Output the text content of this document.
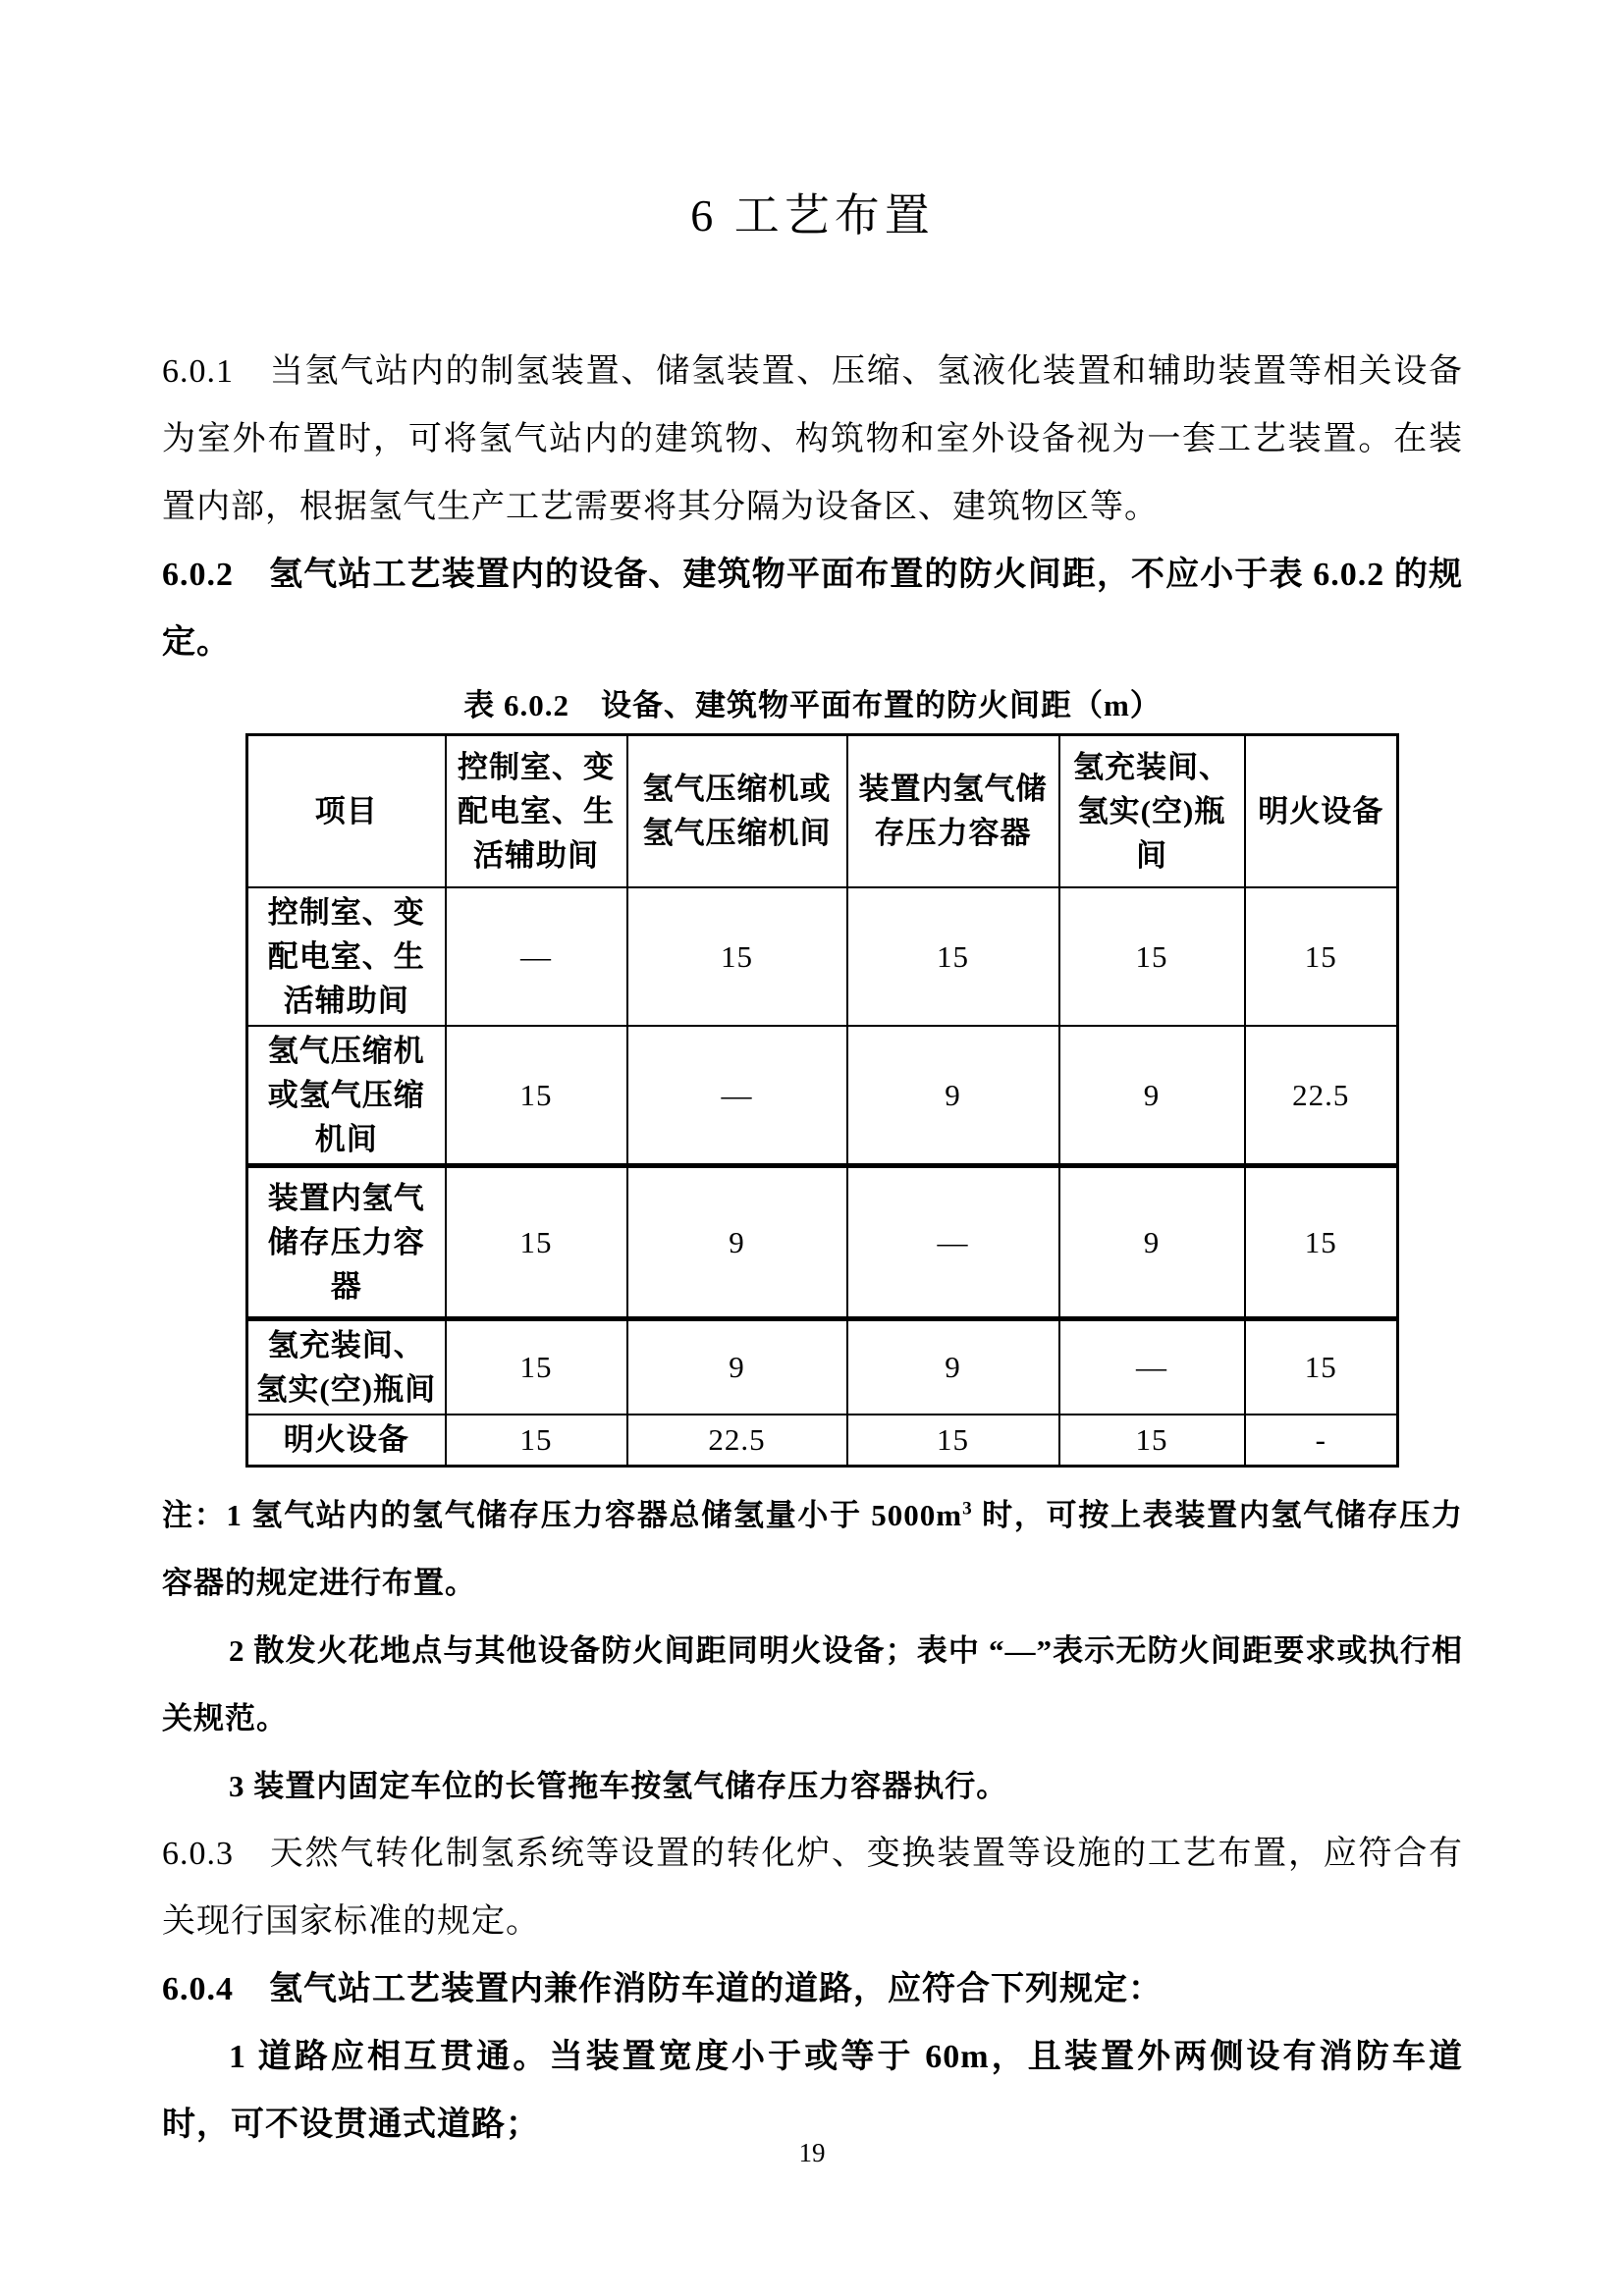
6 工艺布置

6.0.1 当氢气站内的制氢装置、储氢装置、压缩、氢液化装置和辅助装置等相关设备为室外布置时，可将氢气站内的建筑物、构筑物和室外设备视为一套工艺装置。在装置内部，根据氢气生产工艺需要将其分隔为设备区、建筑物区等。

6.0.2 氢气站工艺装置内的设备、建筑物平面布置的防火间距，不应小于表 6.0.2 的规定。

表 6.0.2　设备、建筑物平面布置的防火间距（m）

项目	控制室、变配电室、生活辅助间	氢气压缩机或氢气压缩机间	装置内氢气储存压力容器	氢充装间、氢实(空)瓶间	明火设备
控制室、变配电室、生活辅助间	—	15	15	15	15
氢气压缩机或氢气压缩机间	15	—	9	9	22.5
装置内氢气储存压力容器	15	9	—	9	15
氢充装间、氢实(空)瓶间	15	9	9	—	15
明火设备	15	22.5	15	15	-

注：1 氢气站内的氢气储存压力容器总储氢量小于 $5000m^3$ 时，可按上表装置内氢气储存压力容器的规定进行布置。

2 散发火花地点与其他设备防火间距同明火设备；表中 “—”表示无防火间距要求或执行相关规范。

3 装置内固定车位的长管拖车按氢气储存压力容器执行。

6.0.3 天然气转化制氢系统等设置的转化炉、变换装置等设施的工艺布置，应符合有关现行国家标准的规定。

6.0.4 氢气站工艺装置内兼作消防车道的道路，应符合下列规定：

1 道路应相互贯通。当装置宽度小于或等于 60m，且装置外两侧设有消防车道时，可不设贯通式道路；

19
